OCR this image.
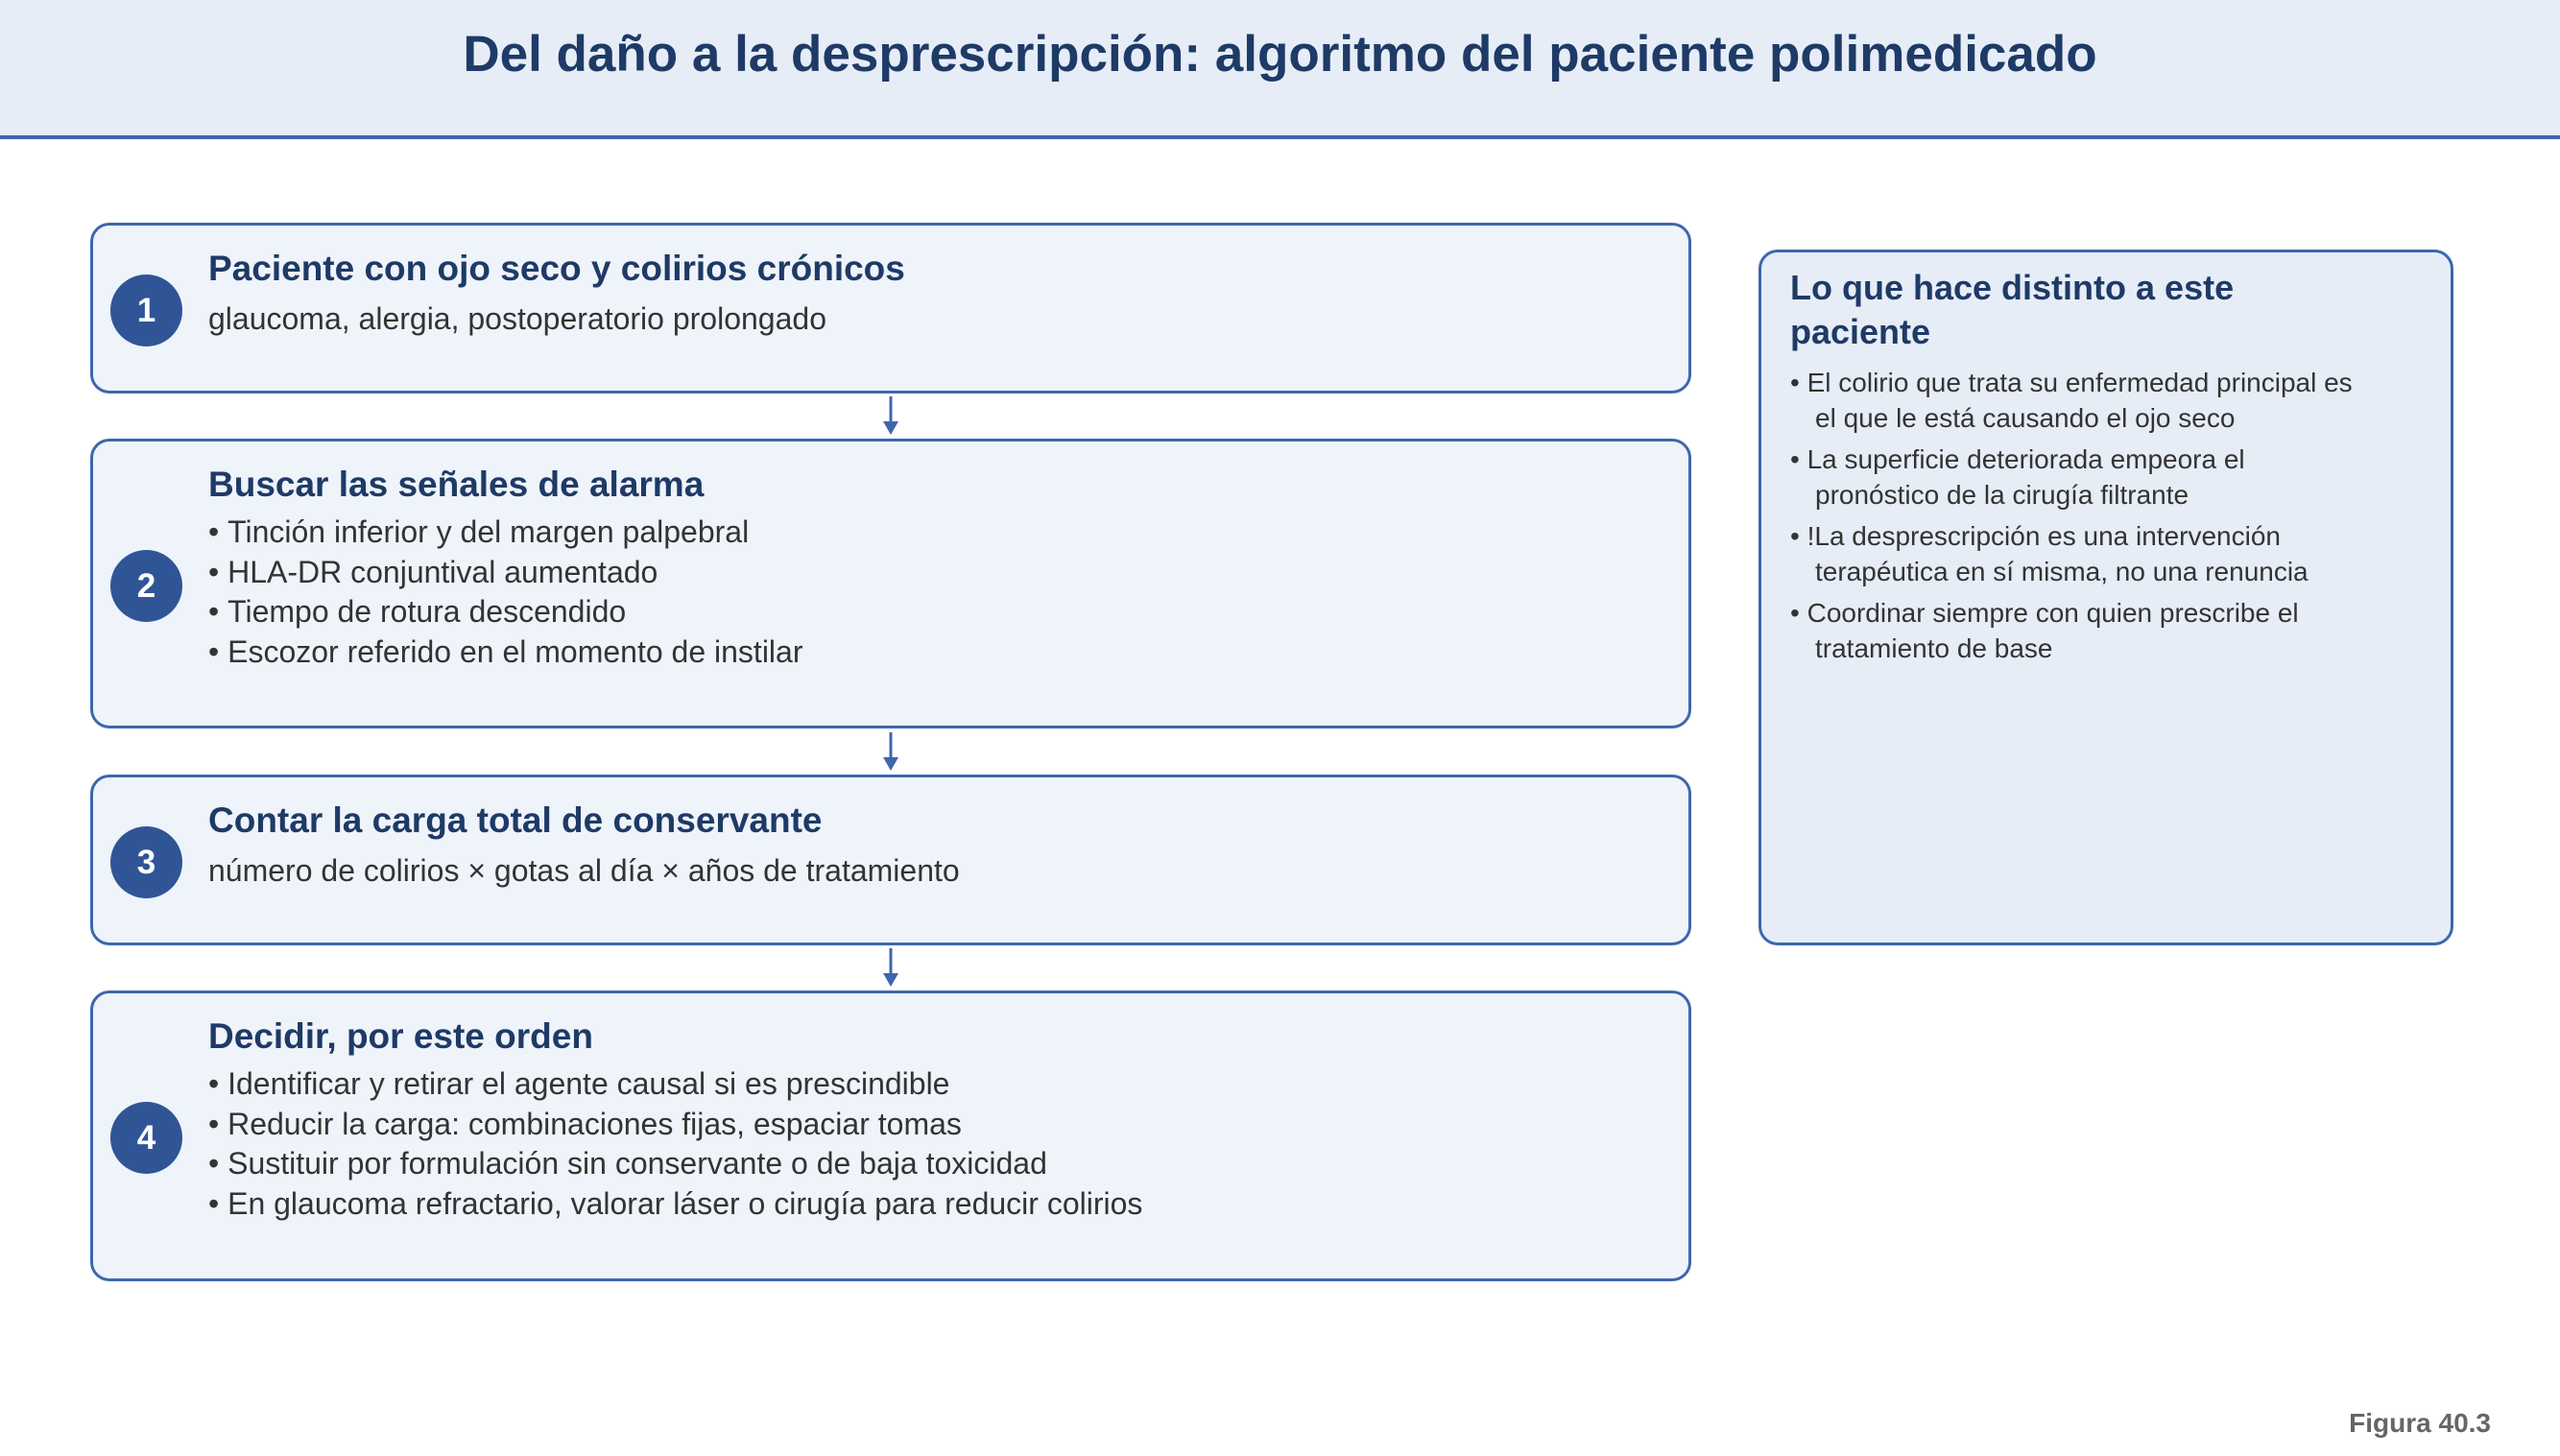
Del daño a la desprescripción: algoritmo del paciente polimedicado
1
Paciente con ojo seco y colirios crónicos
glaucoma, alergia, postoperatorio prolongado
2
Buscar las señales de alarma
• Tinción inferior y del margen palpebral
• HLA-DR conjuntival aumentado
• Tiempo de rotura descendido
• Escozor referido en el momento de instilar
3
Contar la carga total de conservante
número de colirios × gotas al día × años de tratamiento
4
Decidir, por este orden
• Identificar y retirar el agente causal si es prescindible
• Reducir la carga: combinaciones fijas, espaciar tomas
• Sustituir por formulación sin conservante o de baja toxicidad
• En glaucoma refractario, valorar láser o cirugía para reducir colirios
Lo que hace distinto a este paciente
• El colirio que trata su enfermedad principal es el que le está causando el ojo seco
• La superficie deteriorada empeora el pronóstico de la cirugía filtrante
• !La desprescripción es una intervención terapéutica en sí misma, no una renuncia
• Coordinar siempre con quien prescribe el tratamiento de base
Figura 40.3
